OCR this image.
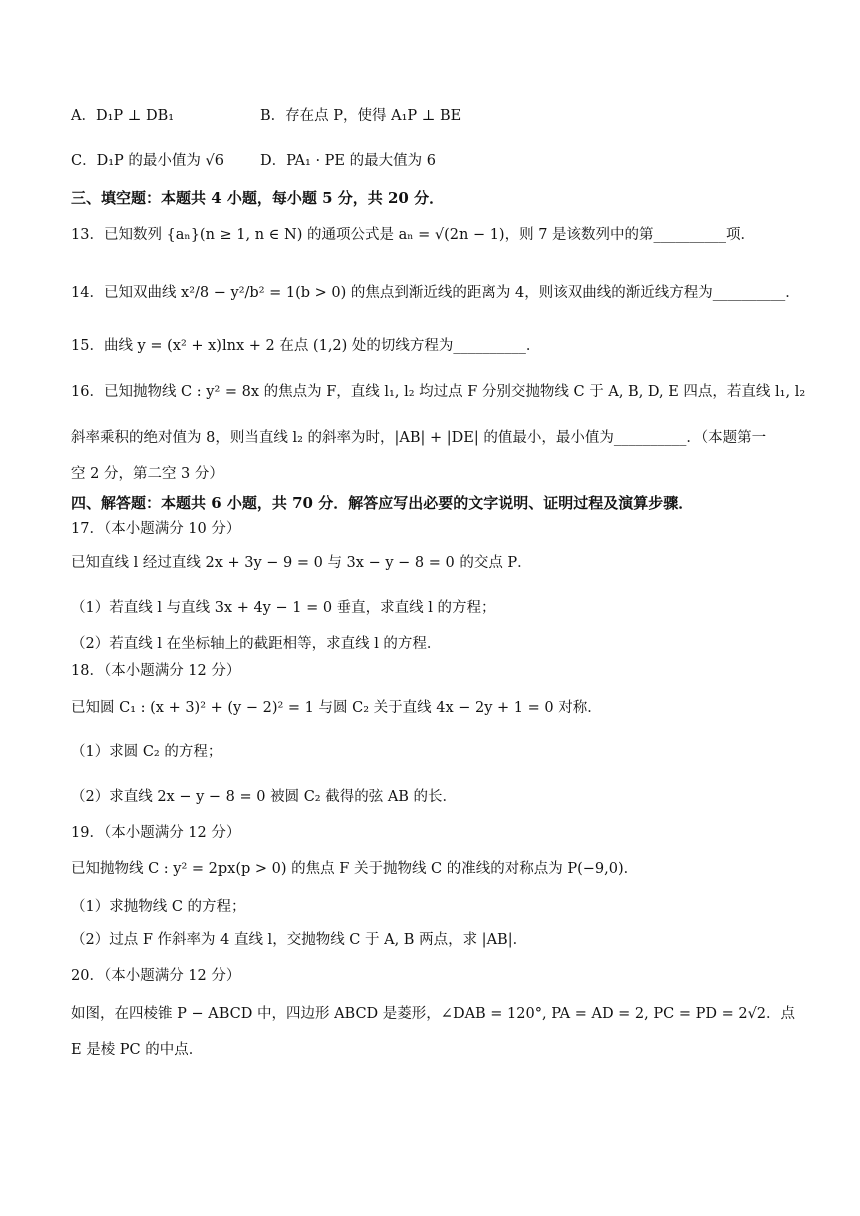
A．D₁P ⊥ DB₁	B．存在点 P，使得 A₁P ⊥ BE
C．D₁P 的最小值为 √6 D．PA₁ · PE 的最大值为 6
三、填空题：本题共 4 小题，每小题 5 分，共 20 分．
13．已知数列 {aₙ}(n ≥ 1, n ∈ N) 的通项公式是 aₙ = √(2n − 1)，则 7 是该数列中的第__________项．
14．已知双曲线 x²/8 − y²/b² = 1(b > 0) 的焦点到渐近线的距离为 4，则该双曲线的渐近线方程为__________．
15．曲线 y = (x² + x)lnx + 2 在点 (1,2) 处的切线方程为__________．
16．已知抛物线 C : y² = 8x 的焦点为 F，直线 l₁, l₂ 均过点 F 分别交抛物线 C 于 A, B, D, E 四点，若直线 l₁, l₂
斜率乘积的绝对值为 8，则当直线 l₂ 的斜率为时，|AB| + |DE| 的值最小，最小值为__________．（本题第一
空 2 分，第二空 3 分）
四、解答题：本题共 6 小题，共 70 分．解答应写出必要的文字说明、证明过程及演算步骤．
17．（本小题满分 10 分）
已知直线 l 经过直线 2x + 3y − 9 = 0 与 3x − y − 8 = 0 的交点 P．
（1）若直线 l 与直线 3x + 4y − 1 = 0 垂直，求直线 l 的方程；
（2）若直线 l 在坐标轴上的截距相等，求直线 l 的方程．
18．（本小题满分 12 分）
已知圆 C₁ : (x + 3)² + (y − 2)² = 1 与圆 C₂ 关于直线 4x − 2y + 1 = 0 对称．
（1）求圆 C₂ 的方程；
（2）求直线 2x − y − 8 = 0 被圆 C₂ 截得的弦 AB 的长．
19．（本小题满分 12 分）
已知抛物线 C : y² = 2px(p > 0) 的焦点 F 关于抛物线 C 的准线的对称点为 P(−9,0)．
（1）求抛物线 C 的方程；
（2）过点 F 作斜率为 4 直线 l，交抛物线 C 于 A, B 两点，求 |AB|．
20．（本小题满分 12 分）
如图，在四棱锥 P − ABCD 中，四边形 ABCD 是菱形，∠DAB = 120°, PA = AD = 2, PC = PD = 2√2．点
E 是棱 PC 的中点．
